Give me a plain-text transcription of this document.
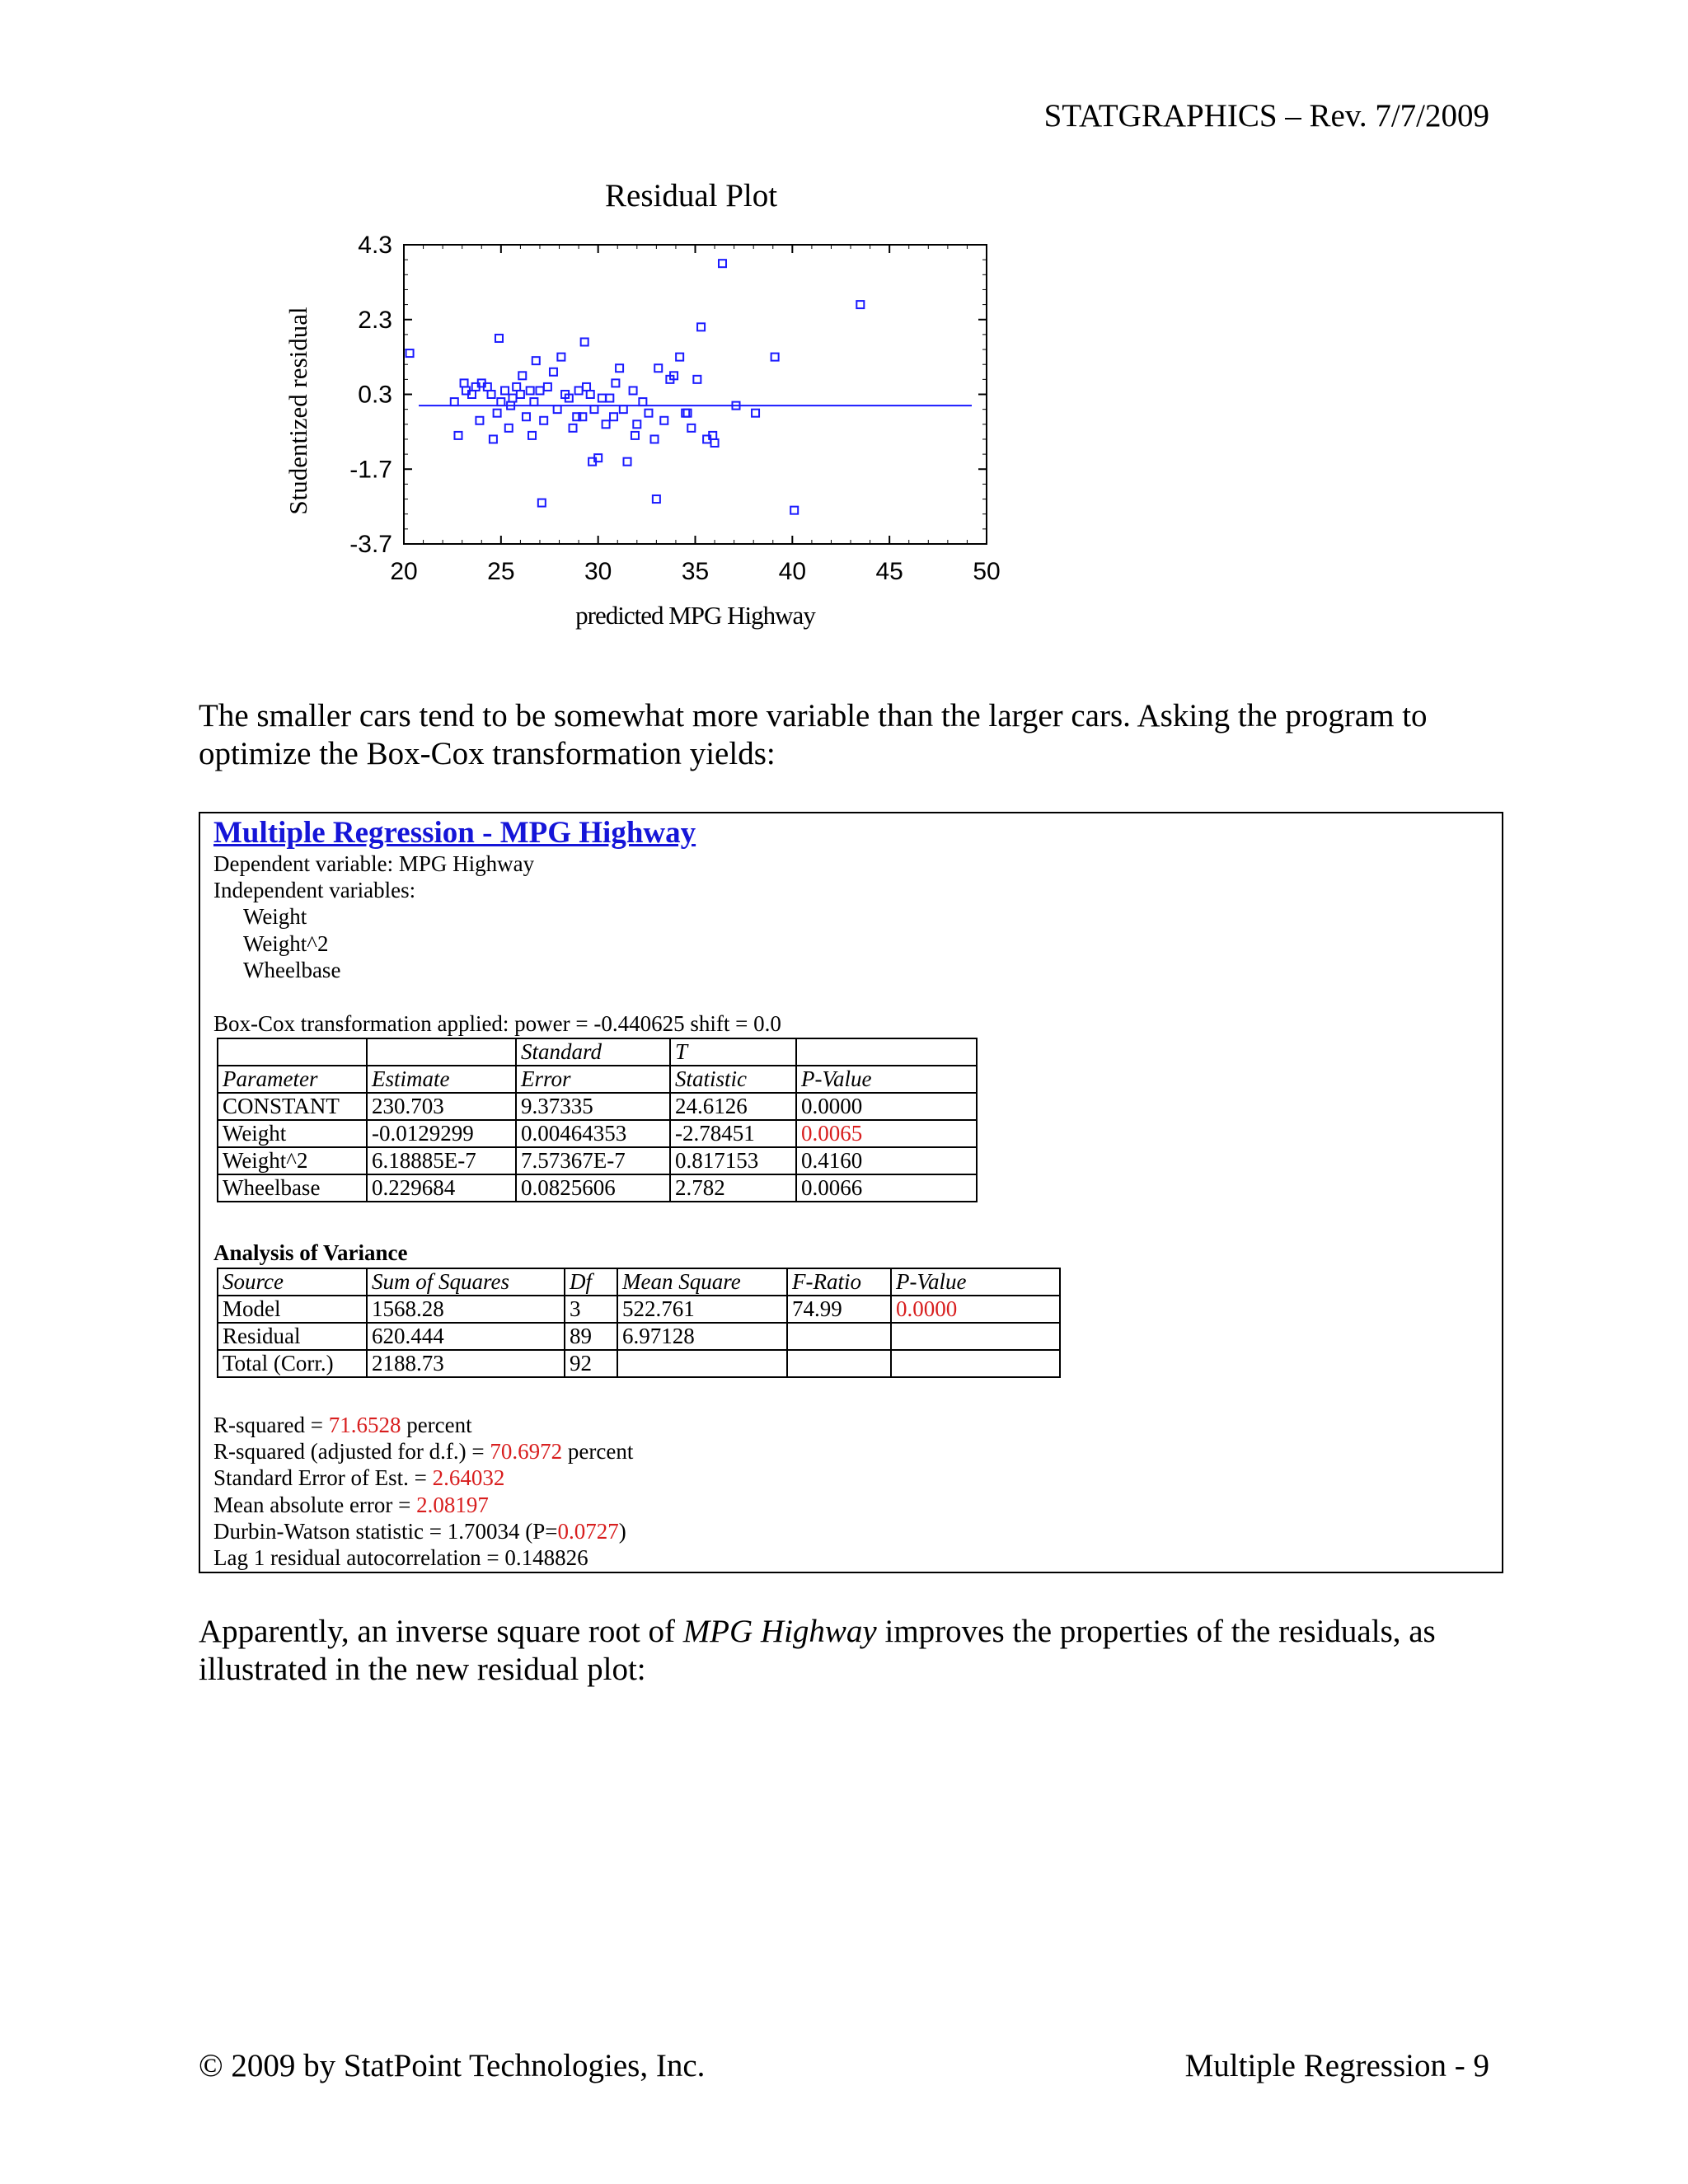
STATGRAPHICS – Rev. 7/7/2009
Residual Plot
20	25	30	35	40	45	50
4.3
2.3
0.3
-1.7
-3.7
predicted MPG Highway
Studentized residual
The smaller cars tend to be somewhat more variable than the larger cars. Asking the program to optimize the Box-Cox transformation yields:
Multiple Regression - MPG Highway
Dependent variable: MPG Highway
Independent variables:
Weight
Weight^2
Wheelbase
Box-Cox transformation applied: power = -0.440625 shift = 0.0
		Standard	T	
Parameter	Estimate	Error	Statistic	P-Value
CONSTANT	230.703	9.37335	24.6126	0.0000
Weight	-0.0129299	0.00464353	-2.78451	0.0065
Weight^2	6.18885E-7	7.57367E-7	0.817153	0.4160
Wheelbase	0.229684	0.0825606	2.782	0.0066
Analysis of Variance
Source	Sum of Squares	Df	Mean Square	F-Ratio	P-Value
Model	1568.28	3	522.761	74.99	0.0000
Residual	620.444	89	6.97128		
Total (Corr.)	2188.73	92			
R-squared = 71.6528 percent
R-squared (adjusted for d.f.) = 70.6972 percent
Standard Error of Est. = 2.64032
Mean absolute error = 2.08197
Durbin-Watson statistic = 1.70034 (P=0.0727)
Lag 1 residual autocorrelation = 0.148826
Apparently, an inverse square root of MPG Highway improves the properties of the residuals, as illustrated in the new residual plot:
© 2009 by StatPoint Technologies, Inc.	Multiple Regression - 9
